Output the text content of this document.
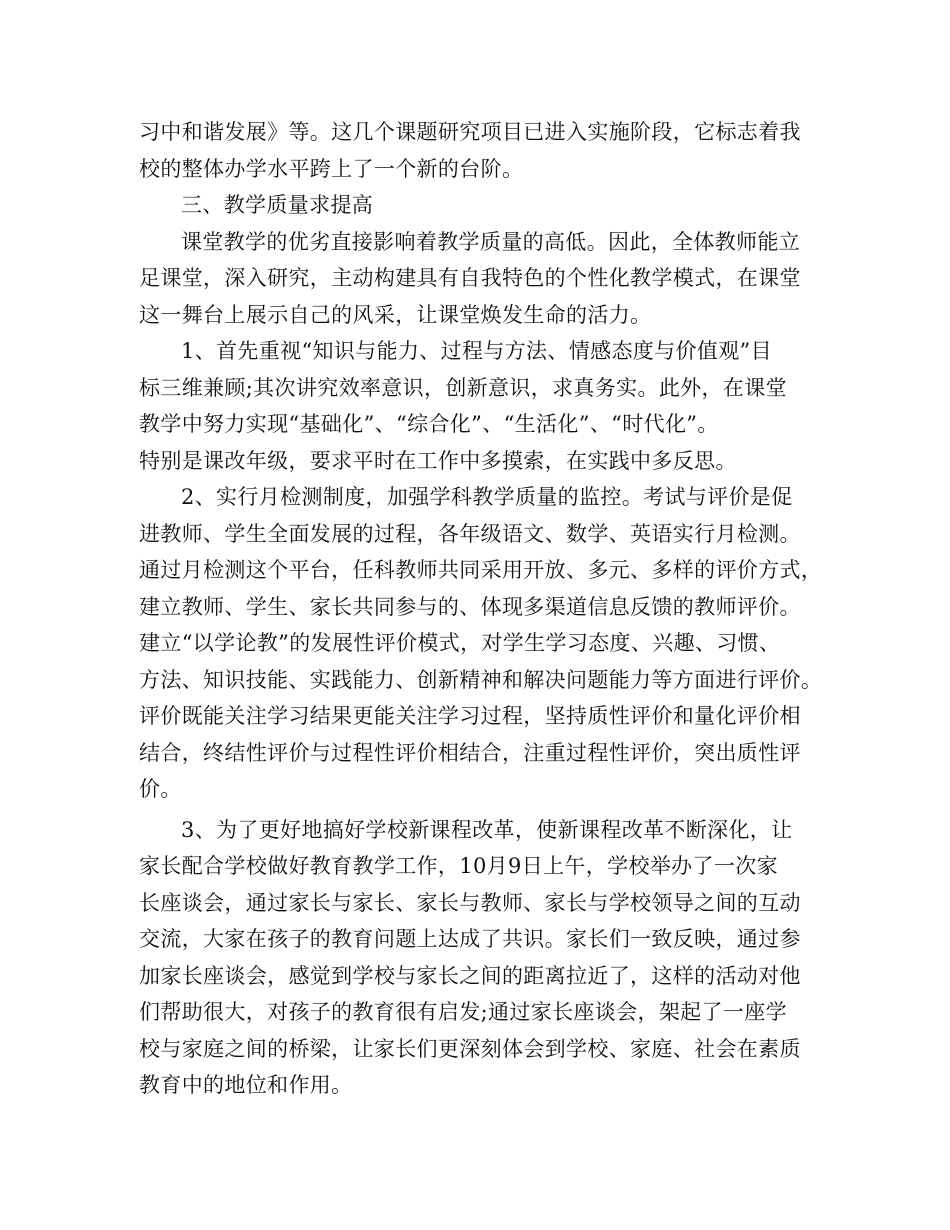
习中和谐发展》等。这几个课题研究项目已进入实施阶段，它标志着我
校的整体办学水平跨上了一个新的台阶。
三、教学质量求提高
课堂教学的优劣直接影响着教学质量的高低。因此，全体教师能立
足课堂，深入研究，主动构建具有自我特色的个性化教学模式，在课堂
这一舞台上展示自己的风采，让课堂焕发生命的活力。
1、首先重视“知识与能力、过程与方法、情感态度与价值观”目
标三维兼顾;其次讲究效率意识，创新意识，求真务实。此外，在课堂
教学中努力实现“基础化”、“综合化”、“生活化”、“时代化”。
特别是课改年级，要求平时在工作中多摸索，在实践中多反思。
2、实行月检测制度，加强学科教学质量的监控。考试与评价是促
进教师、学生全面发展的过程，各年级语文、数学、英语实行月检测。
通过月检测这个平台，任科教师共同采用开放、多元、多样的评价方式，
建立教师、学生、家长共同参与的、体现多渠道信息反馈的教师评价。
建立“以学论教”的发展性评价模式，对学生学习态度、兴趣、习惯、
方法、知识技能、实践能力、创新精神和解决问题能力等方面进行评价。
评价既能关注学习结果更能关注学习过程，坚持质性评价和量化评价相
结合，终结性评价与过程性评价相结合，注重过程性评价，突出质性评
价。
3、为了更好地搞好学校新课程改革，使新课程改革不断深化，让
家长配合学校做好教育教学工作，10月9日上午，学校举办了一次家
长座谈会，通过家长与家长、家长与教师、家长与学校领导之间的互动
交流，大家在孩子的教育问题上达成了共识。家长们一致反映，通过参
加家长座谈会，感觉到学校与家长之间的距离拉近了，这样的活动对他
们帮助很大，对孩子的教育很有启发;通过家长座谈会，架起了一座学
校与家庭之间的桥梁，让家长们更深刻体会到学校、家庭、社会在素质
教育中的地位和作用。
